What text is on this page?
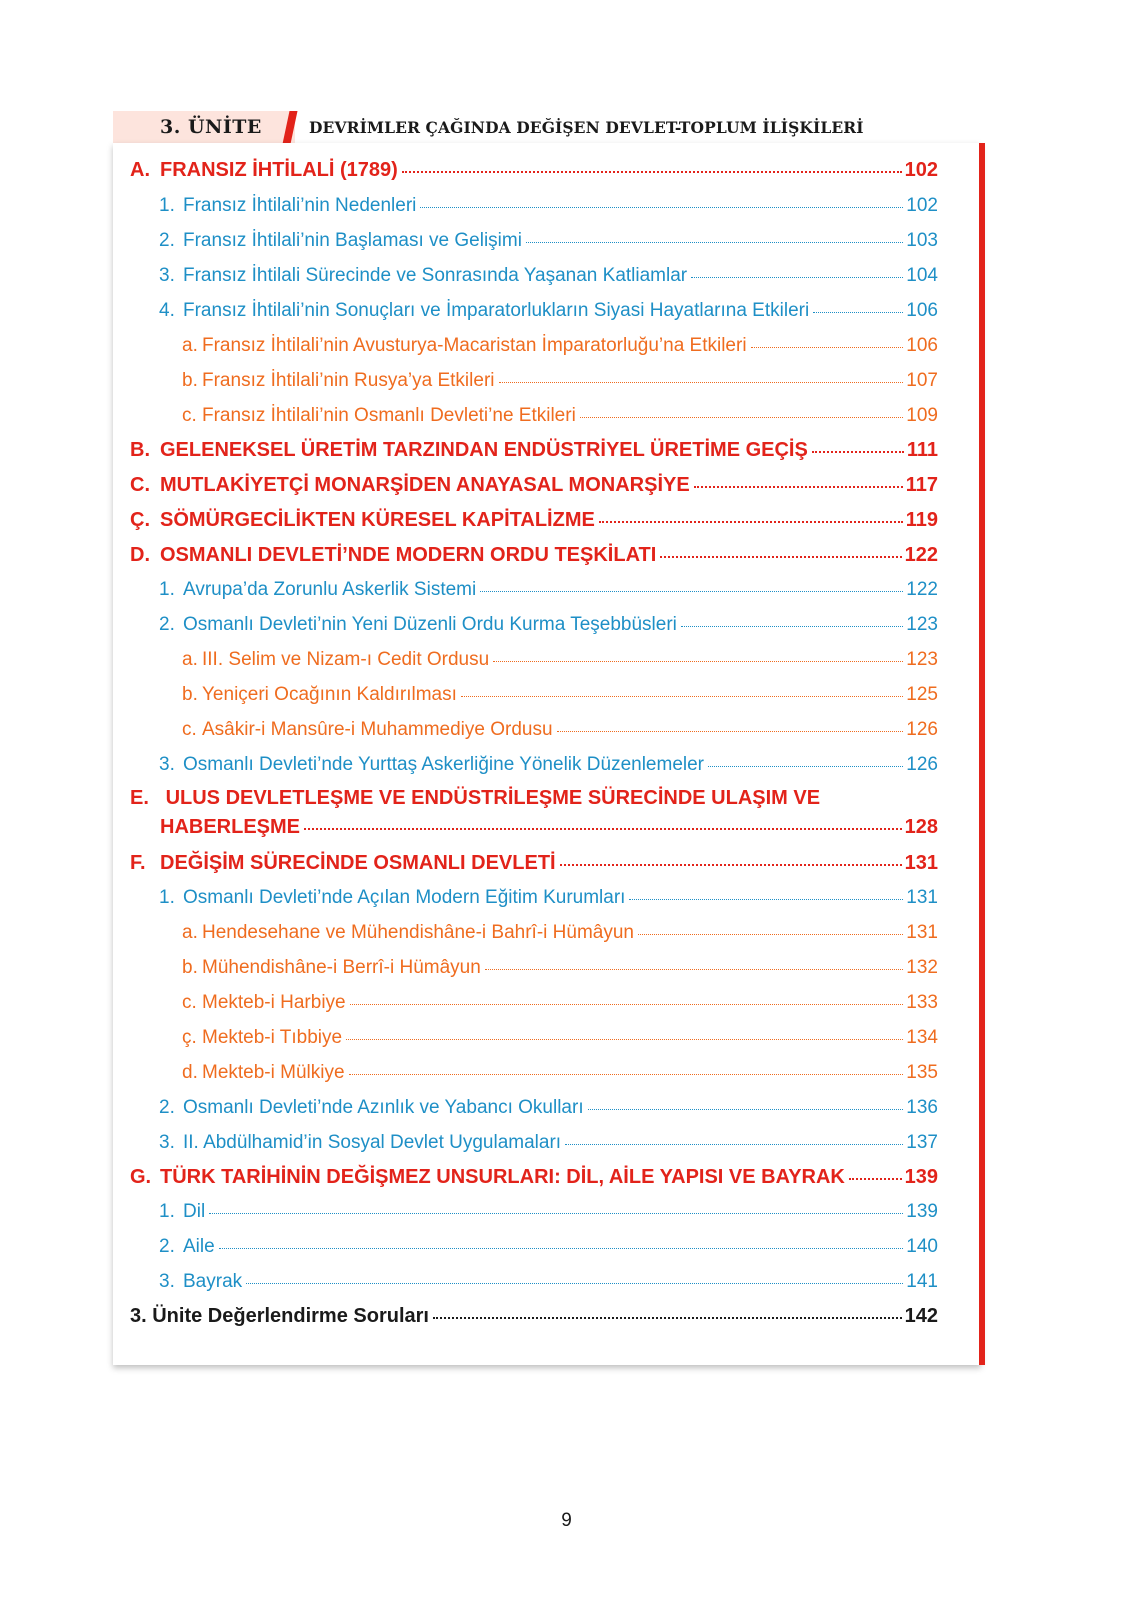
3. ÜNİTE	DEVRİMLER ÇAĞINDA DEĞİŞEN DEVLET-TOPLUM İLİŞKİLERİ
A. FRANSIZ İHTİLALİ (1789)	102
1. Fransız İhtilali’nin Nedenleri	102
2. Fransız İhtilali’nin Başlaması ve Gelişimi	103
3. Fransız İhtilali Sürecinde ve Sonrasında Yaşanan Katliamlar	104
4. Fransız İhtilali’nin Sonuçları ve İmparatorlukların Siyasi Hayatlarına Etkileri	106
a. Fransız İhtilali’nin Avusturya-Macaristan İmparatorluğu’na Etkileri	106
b. Fransız İhtilali’nin Rusya’ya Etkileri	107
c. Fransız İhtilali’nin Osmanlı Devleti’ne Etkileri	109
B. GELENEKSEL ÜRETİM TARZINDAN ENDÜSTRİYEL ÜRETİME GEÇİŞ	111
C. MUTLAKİYETÇİ MONARŞİDEN ANAYASAL MONARŞİYE	117
Ç. SÖMÜRGECİLİKTEN KÜRESEL KAPİTALİZME	119
D. OSMANLI DEVLETİ’NDE MODERN ORDU TEŞKİLATI	122
1. Avrupa’da Zorunlu Askerlik Sistemi	122
2. Osmanlı Devleti’nin Yeni Düzenli Ordu Kurma Teşebbüsleri	123
a. III. Selim ve Nizam-ı Cedit Ordusu	123
b. Yeniçeri Ocağının Kaldırılması	125
c. Asâkir-i Mansûre-i Muhammediye Ordusu	126
3. Osmanlı Devleti’nde Yurttaş Askerliğine Yönelik Düzenlemeler	126
E. ULUS DEVLETLEŞME VE ENDÜSTRİLEŞME SÜRECİNDE ULAŞIM VE
HABERLEŞME	128
F. DEĞİŞİM SÜRECİNDE OSMANLI DEVLETİ	131
1. Osmanlı Devleti’nde Açılan Modern Eğitim Kurumları	131
a. Hendesehane ve Mühendishâne-i Bahrî-i Hümâyun	131
b. Mühendishâne-i Berrî-i Hümâyun	132
c. Mekteb-i Harbiye	133
ç. Mekteb-i Tıbbiye	134
d. Mekteb-i Mülkiye	135
2. Osmanlı Devleti’nde Azınlık ve Yabancı Okulları	136
3. II. Abdülhamid’in Sosyal Devlet Uygulamaları	137
G. TÜRK TARİHİNİN DEĞİŞMEZ UNSURLARI: DİL, AİLE YAPISI VE BAYRAK	139
1. Dil	139
2. Aile	140
3. Bayrak	141
3. Ünite Değerlendirme Soruları	142
9
